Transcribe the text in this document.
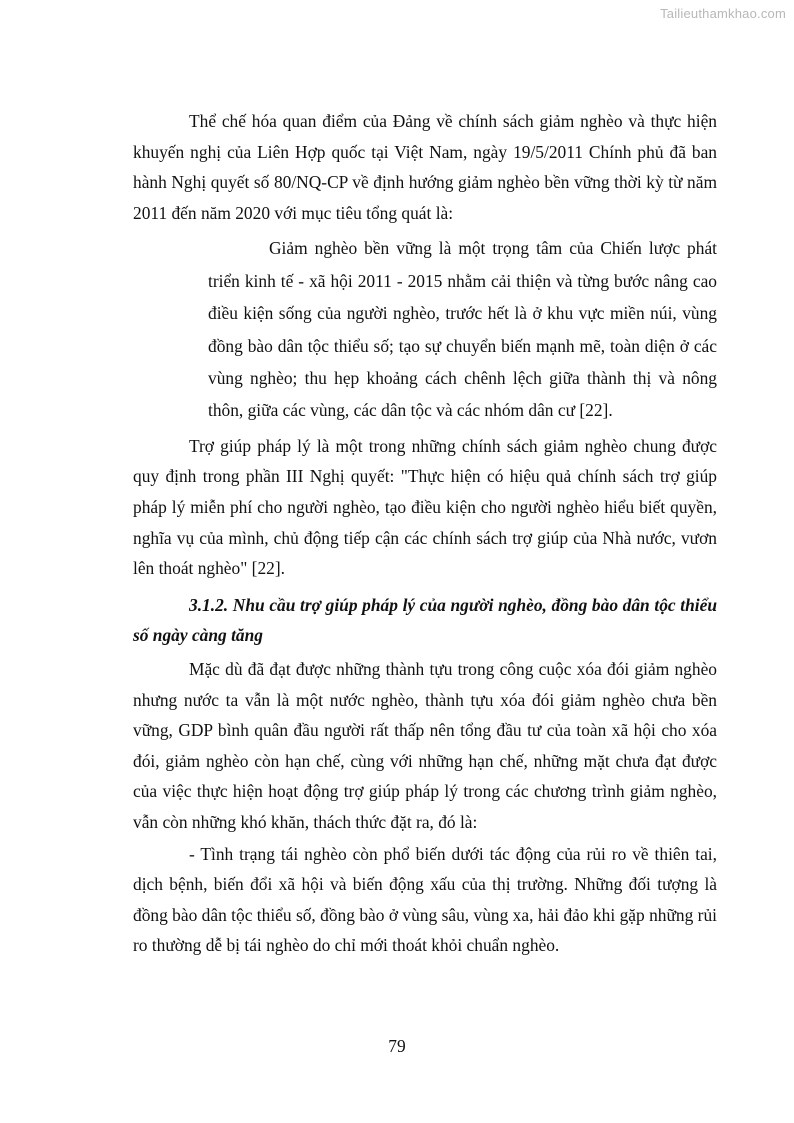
Tailieuthamkhao.com

Thể chế hóa quan điểm của Đảng về chính sách giảm nghèo và thực hiện khuyến nghị của Liên Hợp quốc tại Việt Nam, ngày 19/5/2011 Chính phủ đã ban hành Nghị quyết số 80/NQ-CP về định hướng giảm nghèo bền vững thời kỳ từ năm 2011 đến năm 2020 với mục tiêu tổng quát là:

Giảm nghèo bền vững là một trọng tâm của Chiến lược phát triển kinh tế - xã hội 2011 - 2015 nhằm cải thiện và từng bước nâng cao điều kiện sống của người nghèo, trước hết là ở khu vực miền núi, vùng đồng bào dân tộc thiểu số; tạo sự chuyển biến mạnh mẽ, toàn diện ở các vùng nghèo; thu hẹp khoảng cách chênh lệch giữa thành thị và nông thôn, giữa các vùng, các dân tộc và các nhóm dân cư [22].

Trợ giúp pháp lý là một trong những chính sách giảm nghèo chung được quy định trong phần III Nghị quyết: "Thực hiện có hiệu quả chính sách trợ giúp pháp lý miễn phí cho người nghèo, tạo điều kiện cho người nghèo hiểu biết quyền, nghĩa vụ của mình, chủ động tiếp cận các chính sách trợ giúp của Nhà nước, vươn lên thoát nghèo" [22].

3.1.2. Nhu cầu trợ giúp pháp lý của người nghèo, đồng bào dân tộc thiểu số ngày càng tăng

Mặc dù đã đạt được những thành tựu trong công cuộc xóa đói giảm nghèo nhưng nước ta vẫn là một nước nghèo, thành tựu xóa đói giảm nghèo chưa bền vững, GDP bình quân đầu người rất thấp nên tổng đầu tư của toàn xã hội cho xóa đói, giảm nghèo còn hạn chế, cùng với những hạn chế, những mặt chưa đạt được của việc thực hiện hoạt động trợ giúp pháp lý trong các chương trình giảm nghèo, vẫn còn những khó khăn, thách thức đặt ra, đó là:

- Tình trạng tái nghèo còn phổ biến dưới tác động của rủi ro về thiên tai, dịch bệnh, biến đổi xã hội và biến động xấu của thị trường. Những đối tượng là đồng bào dân tộc thiểu số, đồng bào ở vùng sâu, vùng xa, hải đảo khi gặp những rủi ro thường dễ bị tái nghèo do chỉ mới thoát khỏi chuẩn nghèo.

79
